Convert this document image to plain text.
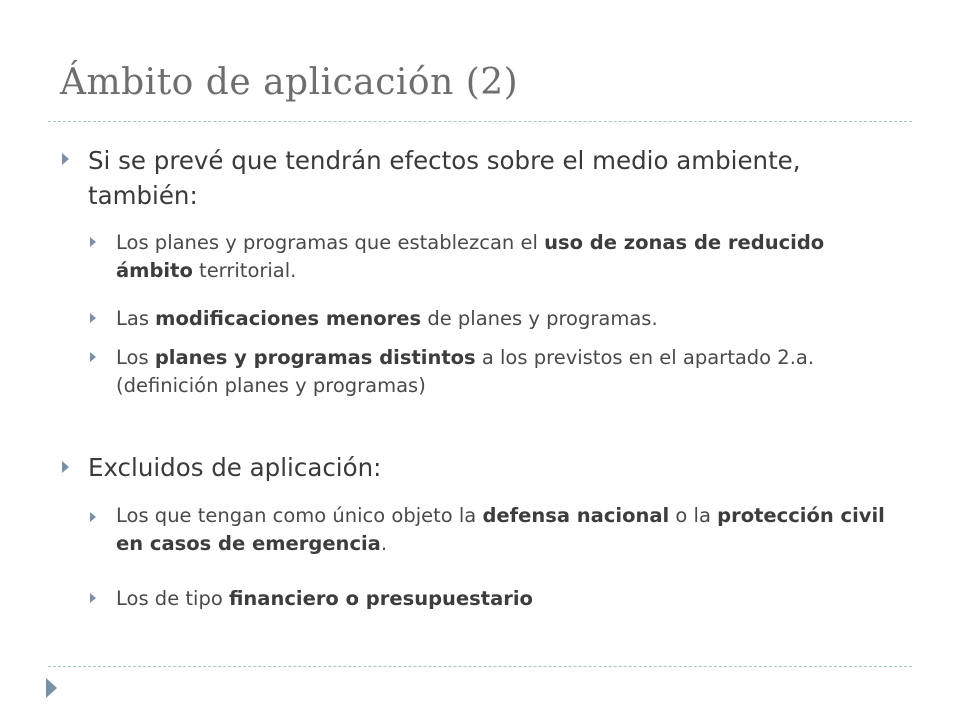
Ámbito de aplicación (2)
Si se prevé que tendrán efectos sobre el medio ambiente, también:
Los planes y programas que establezcan el uso de zonas de reducido ámbito territorial.
Las modificaciones menores de planes y programas.
Los planes y programas distintos a los previstos en el apartado 2.a. (definición planes y programas)
Excluidos de aplicación:
Los que tengan como único objeto la defensa nacional o la protección civil en casos de emergencia.
Los de tipo financiero o presupuestario
